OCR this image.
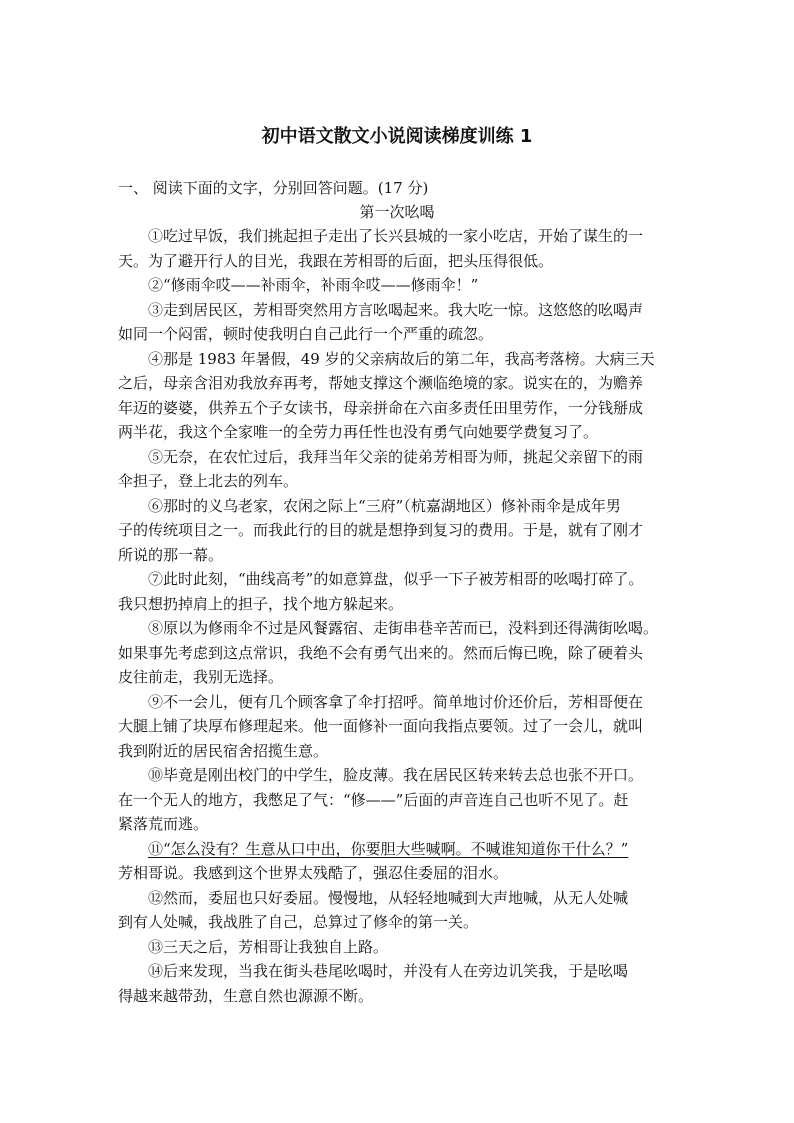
初中语文散文小说阅读梯度训练 1
一、 阅读下面的文字，分别回答问题。(17 分)
第一次吆喝
①吃过早饭，我们挑起担子走出了长兴县城的一家小吃店，开始了谋生的一
天。为了避开行人的目光，我跟在芳相哥的后面，把头压得很低。
②“修雨伞哎——补雨伞，补雨伞哎——修雨伞！”
③走到居民区，芳相哥突然用方言吆喝起来。我大吃一惊。这悠悠的吆喝声
如同一个闷雷，顿时使我明白自己此行一个严重的疏忽。
④那是 1983 年暑假，49 岁的父亲病故后的第二年，我高考落榜。大病三天
之后，母亲含泪劝我放弃再考，帮她支撑这个濒临绝境的家。说实在的，为赡养
年迈的婆婆，供养五个子女读书，母亲拼命在六亩多责任田里劳作，一分钱掰成
两半花，我这个全家唯一的全劳力再任性也没有勇气向她要学费复习了。
⑤无奈，在农忙过后，我拜当年父亲的徒弟芳相哥为师，挑起父亲留下的雨
伞担子，登上北去的列车。
⑥那时的义乌老家，农闲之际上“三府”（杭嘉湖地区）修补雨伞是成年男
子的传统项目之一。而我此行的目的就是想挣到复习的费用。于是，就有了刚才
所说的那一幕。
⑦此时此刻，“曲线高考”的如意算盘，似乎一下子被芳相哥的吆喝打碎了。
我只想扔掉肩上的担子，找个地方躲起来。
⑧原以为修雨伞不过是风餐露宿、走街串巷辛苦而已，没料到还得满街吆喝。
如果事先考虑到这点常识，我绝不会有勇气出来的。然而后悔已晚，除了硬着头
皮往前走，我别无选择。
⑨不一会儿，便有几个顾客拿了伞打招呼。简单地讨价还价后，芳相哥便在
大腿上铺了块厚布修理起来。他一面修补一面向我指点要领。过了一会儿，就叫
我到附近的居民宿舍招揽生意。
⑩毕竟是刚出校门的中学生，脸皮薄。我在居民区转来转去总也张不开口。
在一个无人的地方，我憋足了气：“修——”后面的声音连自己也听不见了。赶
紧落荒而逃。
⑪“怎么没有？生意从口中出，你要胆大些喊啊。不喊谁知道你干什么？”
芳相哥说。我感到这个世界太残酷了，强忍住委屈的泪水。
⑫然而，委屈也只好委屈。慢慢地，从轻轻地喊到大声地喊，从无人处喊
到有人处喊，我战胜了自己，总算过了修伞的第一关。
⑬三天之后，芳相哥让我独自上路。
⑭后来发现，当我在街头巷尾吆喝时，并没有人在旁边讥笑我，于是吆喝
得越来越带劲，生意自然也源源不断。
